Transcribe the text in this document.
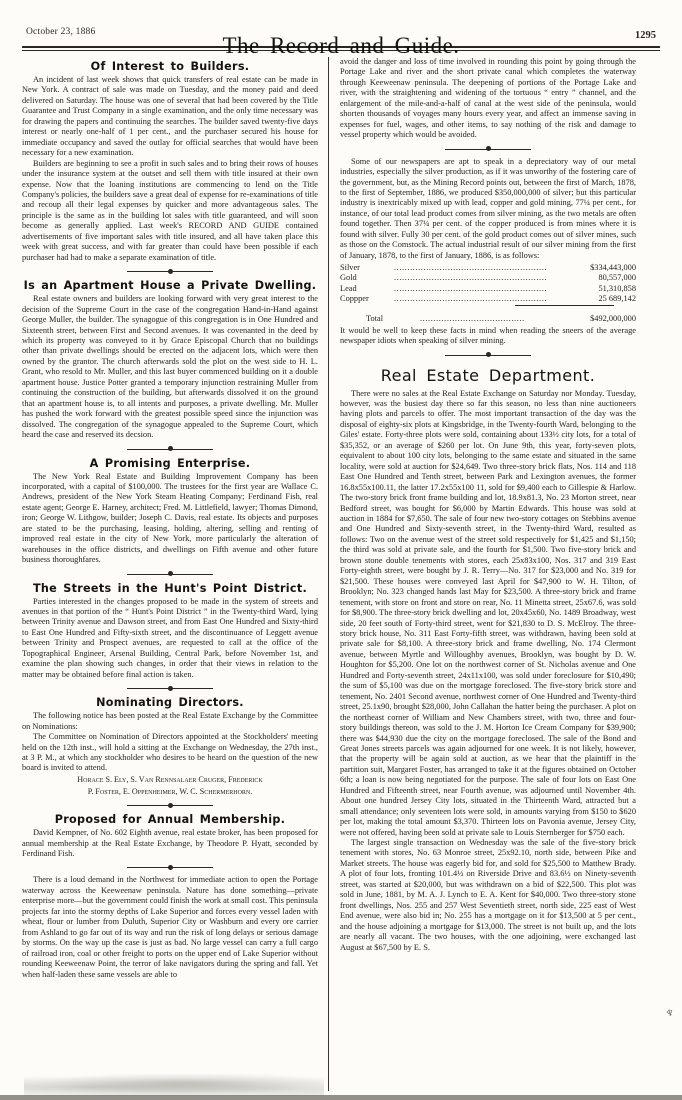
October 23, 1886
The Record and Guide.	1295
Of Interest to Builders.

An incident of last week shows that quick transfers of real estate can be made in New York. A contract of sale was made on Tuesday, and the money paid and deed delivered on Saturday. The house was one of several that had been covered by the Title Guarantee and Trust Company in a single examination, and the only time necessary was for drawing the papers and continuing the searches. The builder saved twenty-five days interest or nearly one-half of 1 per cent., and the purchaser secured his house for immediate occupancy and saved the outlay for official searches that would have been necessary for a new examination.

Builders are beginning to see a profit in such sales and to bring their rows of houses under the insurance system at the outset and sell them with title insured at their own expense. Now that the loaning institutions are commencing to lend on the Title Company's policies, the builders save a great deal of expense for re-examinations of title and recoup all their legal expenses by quicker and more advantageous sales. The principle is the same as in the building lot sales with title guaranteed, and will soon become as generally applied. Last week's RECORD AND GUIDE contained advertisements of five important sales with title insured, and all have taken place this week with great success, and with far greater than could have been possible if each purchaser had had to make a separate examination of title.

Is an Apartment House a Private Dwelling.

Real estate owners and builders are looking forward with very great interest to the decision of the Supreme Court in the case of the congregation Hand-in-Hand against George Muller, the builder. The synagogue of this congregation is in One Hundred and Sixteenth street, between First and Second avenues. It was covenanted in the deed by which its property was conveyed to it by Grace Episcopal Church that no buildings other than private dwellings should be erected on the adjacent lots, which were then owned by the grantor. The church afterwards sold the plot on the west side to H. L. Grant, who resold to Mr. Muller, and this last buyer commenced building on it a double apartment house. Justice Potter granted a temporary injunction restraining Muller from continuing the construction of the building, but afterwards dissolved it on the ground that an apartment house is, to all intents and purposes, a private dwelling. Mr. Muller has pushed the work forward with the greatest possible speed since the injunction was dissolved. The congregation of the synagogue appealed to the Supreme Court, which heard the case and reserved its decsion.

A Promising Enterprise.

The New York Real Estate and Building Improvement Company has been incorporated, with a capital of $100,000. The trustees for the first year are Wallace C. Andrews, president of the New York Steam Heating Company; Ferdinand Fish, real estate agent; George E. Harney, architect; Fred. M. Littlefield, lawyer; Thomas Dimond, iron; George W. Lithgow, builder; Joseph C. Davis, real estate. Its objects and purposes are stated to be the purchasing, leasing, holding, altering, selling and renting of improved real estate in the city of New York, more particularly the alteration of warehouses in the office districts, and dwellings on Fifth avenue and other future business thoroughfares.

The Streets in the Hunt's Point District.

Parties interested in the changes proposed to be made in the system of streets and avenues in that portion of the “ Hunt's Point District ” in the Twenty-third Ward, lying between Trinity avenue and Dawson street, and from East One Hundred and Sixty-third to East One Hundred and Fifty-sixth street, and the discontinuance of Leggett avenue between Trinity and Prospect avenues, are requested to call at the office of the Topographical Engineer, Arsenal Building, Central Park, before November 1st, and examine the plan showing such changes, in order that their views in relation to the matter may be obtained before final action is taken.

Nominating Directors.

The following notice has been posted at the Real Estate Exchange by the Committee on Nominations:

The Committee on Nomination of Directors appointed at the Stockholders' meeting held on the 12th inst., will hold a sitting at the Exchange on Wednesday, the 27th inst., at 3 P. M., at which any stockholder who desires to be heard on the question of the new board is invited to attend.

Horace S. Ely, S. Van Rennsalaer Cruger, Frederick

P. Foster, E. Oppenheimer, W. C. Schermerhorn.

Proposed for Annual Membership.

David Kempner, of No. 602 Eighth avenue, real estate broker, has been proposed for annual membership at the Real Estate Exchange, by Theodore P. Hyatt, seconded by Ferdinand Fish.

There is a loud demand in the Northwest for immediate action to open the Portage waterway across the Keeweenaw peninsula. Nature has done something—private enterprise more—but the government could finish the work at small cost. This peninsula projects far into the stormy depths of Lake Superior and forces every vessel laden with wheat, flour or lumber from Duluth, Superior City or Washburn and every ore carrier from Ashland to go far out of its way and run the risk of long delays or serious damage by storms. On the way up the case is just as bad. No large vessel can carry a full cargo of railroad iron, coal or other freight to ports on the upper end of Lake Superior without rounding Keeweenaw Point, the terror of lake navigators during the spring and fall. Yet when half-laden these same vessels are able to

avoid the danger and loss of time involved in rounding this point by going through the Portage Lake and river and the short private canal which completes the waterway through Keeweenaw peninsula. The deepening of portions of the Portage Lake and river, with the straightening and widening of the tortuous “ entry ” channel, and the enlargement of the mile-and-a-half of canal at the west side of the peninsula, would shorten thousands of voyages many hours every year, and affect an immense saving in expenses for fuel, wages, and other items, to say nothing of the risk and damage to vessel property which would be avoided.

Some of our newspapers are apt to speak in a depreciatory way of our metal industries, especially the silver production, as if it was unworthy of the fostering care of the government, but, as the Mining Record points out, between the first of March, 1878, to the first of September, 1886, we produced $350,000,000 of silver; but this particular industry is inextricably mixed up with lead, copper and gold mining, 77¼ per cent., for instance, of our total lead product comes from silver mining, as the two metals are often found together. Then 37¼ per cent. of the copper produced is from mines where it is found with silver. Fully 30 per cent. of the gold product comes out of silver mines, such as those on the Comstock. The actual industrial result of our silver mining from the first of January, 1878, to the first of January, 1886, is as follows:

Silver	.........................................................	$334,443,000
Gold	.........................................................	80,557,000
Lead	.........................................................	51,310,858
Coppper	.........................................................	25 689,142
Total	.......................................	$492,000,000

It would be well to keep these facts in mind when reading the sneers of the average newspaper idiots when speaking of silver mining.

Real Estate Department.

There were no sales at the Real Estate Exchange on Saturday nor Monday. Tuesday, however, was the busiest day there so far this season, no less than nine auctioneers having plots and parcels to offer. The most important transaction of the day was the disposal of eighty-six plots at Kingsbridge, in the Twenty-fourth Ward, belonging to the Giles' estate. Forty-three plots were sold, containing about 133½ city lots, for a total of $35,352, or an average of $260 per lot. On June 9th, this year, forty-seven plots, equivalent to about 100 city lots, belonging to the same estate and situated in the same locality, were sold at auction for $24,649. Two three-story brick flats, Nos. 114 and 118 East One Hundred and Tenth street, between Park and Lexington avenues, the former 16.8x55x100.11, the latter 17.2x55x100 11, sold for $9,400 each to Gillespie & Harlow. The two-story brick front frame building and lot, 18.9x81.3, No. 23 Morton street, near Bedford street, was bought for $6,000 by Martin Edwards. This house was sold at auction in 1884 for $7,650. The sale of four new two-story cottages on Stebbins avenue and One Hundred and Sixty-seventh street, in the Twenty-third Ward, resulted as follows: Two on the avenue west of the street sold respectively for $1,425 and $1,150; the third was sold at private sale, and the fourth for $1,500. Two five-story brick and brown stone double tenements with stores, each 25x83x100, Nos. 317 and 319 East Forty-eighth street, were bought by J. R. Terry—No. 317 for $23,000 and No. 319 for $21,500. These houses were conveyed last April for $47,900 to W. H. Tilton, of Brooklyn; No. 323 changed hands last May for $23,500. A three-story brick and frame tenement, with store on front and store on rear, No. 11 Minetta street, 25x67.6, was sold for $8,900. The three-story brick dwelling and lot, 20x45x60, No. 1489 Broadway, west side, 20 feet south of Forty-third street, went for $21,830 to D. S. McElroy. The three-story brick house, No. 311 East Forty-fifth street, was withdrawn, having been sold at private sale for $8,100. A three-story brick and frame dwelling, No. 174 Clermont avenue, between Myrtle and Willoughby avenues, Brooklyn, was bought by D. W. Houghton for $5,200. One lot on the northwest corner of St. Nicholas avenue and One Hundred and Forty-seventh street, 24x11x100, was sold under foreclosure for $10,490; the sum of $5,100 was due on the mortgage foreclosed. The five-story brick store and tenement, No. 2401 Second avenue, northwest corner of One Hundred and Twenty-third street, 25.1x90, brought $28,000, John Callahan the hatter being the purchaser. A plot on the northeast corner of William and New Chambers street, with two, three and four-story buildings thereon, was sold to the J. M. Horton Ice Cream Company for $39,900; there was $44,930 due the city on the mortgage foreclosed. The sale of the Bond and Great Jones streets parcels was again adjourned for one week. It is not likely, however, that the property will be again sold at auction, as we hear that the plaintiff in the partition suit, Margaret Foster, has arranged to take it at the figures obtained on October 6th; a loan is now being negotiated for the purpose. The sale of four lots on East One Hundred and Fifteenth street, near Fourth avenue, was adjourned until November 4th. About one hundred Jersey City lots, situated in the Thirteenth Ward, attracted but a small attendance; only seventeen lots were sold, in amounts varying from $150 to $620 per lot, making the total amount $3,370. Thirteen lots on Pavonia avenue, Jersey City, were not offered, having been sold at private sale to Louis Sternberger for $750 each.

The largest single transaction on Wednesday was the sale of the five-story brick tenement with stores, No. 63 Monroe street, 25x92.10, north side, between Pike and Market streets. The house was eagerly bid for, and sold for $25,500 to Matthew Brady. A plot of four lots, fronting 101.4½ on Riverside Drive and 83.6½ on Ninety-seventh street, was started at $20,000, but was withdrawn on a bid of $22,500. This plot was sold in June, 1881, by M. A. J. Lynch to E. A. Kent for $40,000. Two three-story stone front dwellings, Nos. 255 and 257 West Seventieth street, north side, 225 east of West End avenue, were also bid in; No. 255 has a mortgage on it for $13,500 at 5 per cent., and the house adjoining a mortgage for $13,000. The street is not built up, and the lots are nearly all vacant. The two houses, with the one adjoining, were exchanged last August at $67,500 by E. S.

♆
